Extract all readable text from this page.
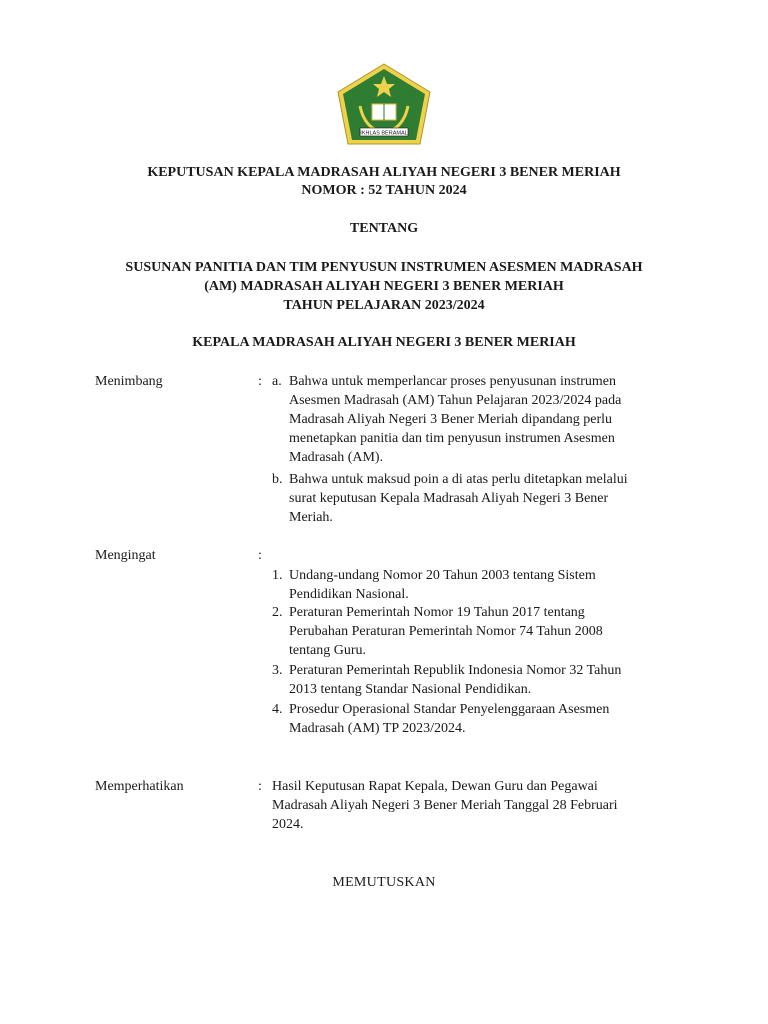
IKHLAS BERAMAL
KEPUTUSAN KEPALA MADRASAH ALIYAH NEGERI 3 BENER MERIAH
NOMOR : 52 TAHUN 2024
TENTANG
SUSUNAN PANITIA DAN TIM PENYUSUN INSTRUMEN ASESMEN MADRASAH
(AM) MADRASAH ALIYAH NEGERI 3 BENER MERIAH
TAHUN PELAJARAN 2023/2024
KEPALA MADRASAH ALIYAH NEGERI 3 BENER MERIAH
Menimbang	: a. Bahwa untuk memperlancar proses penyusunan instrumen
Asesmen Madrasah (AM) Tahun Pelajaran 2023/2024 pada
Madrasah Aliyah Negeri 3 Bener Meriah dipandang perlu
menetapkan panitia dan tim penyusun instrumen Asesmen
Madrasah (AM).
b. Bahwa untuk maksud poin a di atas perlu ditetapkan melalui
surat keputusan Kepala Madrasah Aliyah Negeri 3 Bener
Meriah.
Mengingat	:
1. Undang-undang Nomor 20 Tahun 2003 tentang Sistem
Pendidikan Nasional.
2. Peraturan Pemerintah Nomor 19 Tahun 2017 tentang
Perubahan Peraturan Pemerintah Nomor 74 Tahun 2008
tentang Guru.
3. Peraturan Pemerintah Republik Indonesia Nomor 32 Tahun
2013 tentang Standar Nasional Pendidikan.
4. Prosedur Operasional Standar Penyelenggaraan Asesmen
Madrasah (AM) TP 2023/2024.
Memperhatikan	: Hasil Keputusan Rapat Kepala, Dewan Guru dan Pegawai
Madrasah Aliyah Negeri 3 Bener Meriah Tanggal 28 Februari
2024.
MEMUTUSKAN
